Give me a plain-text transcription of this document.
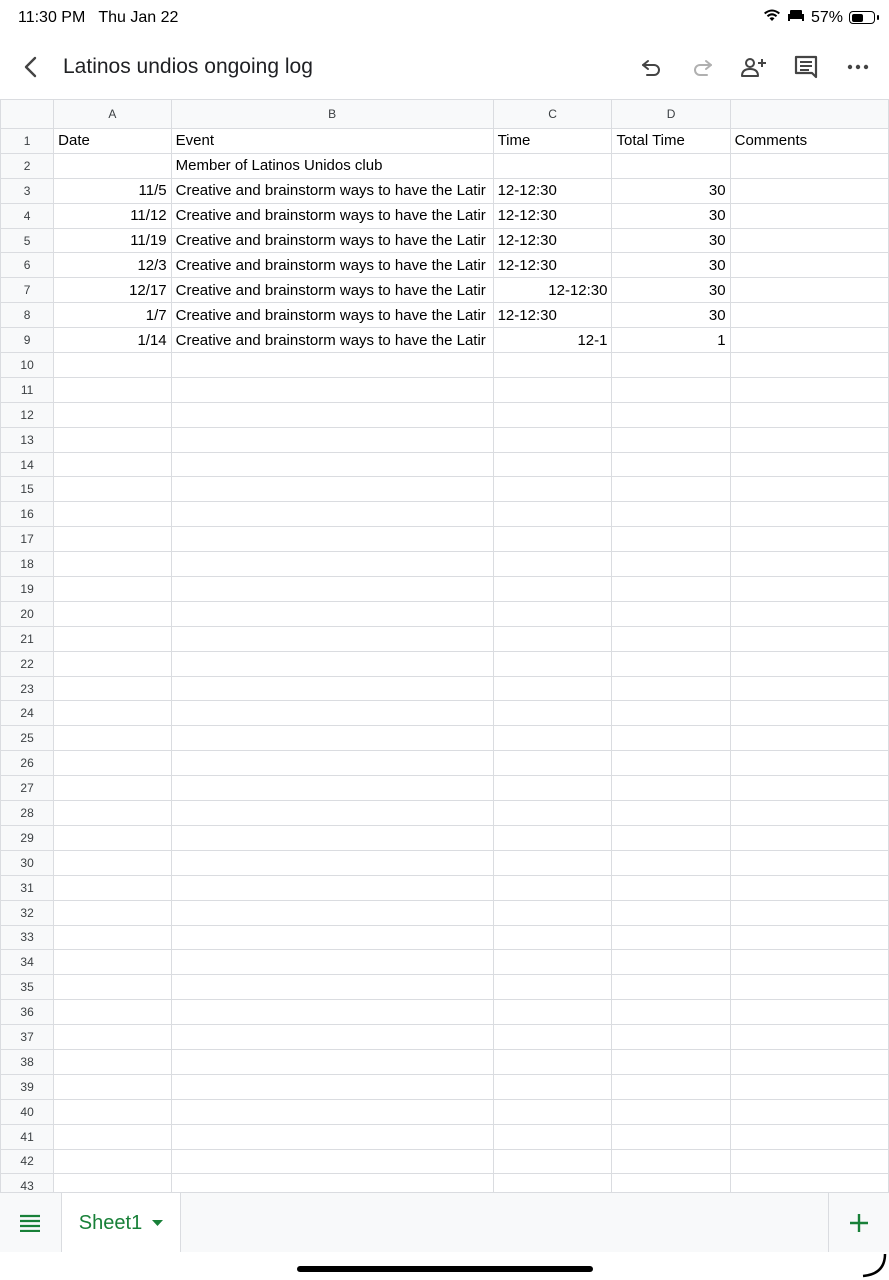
11:30 PM Thu Jan 22	57%
Latinos undios ongoing log
	A	B	C	D	
1	Date	Event	Time	Total Time	Comments
2		Member of Latinos Unidos club			
3	11/5	Creative and brainstorm ways to have the Latir	12-12:30	30	
4	11/12	Creative and brainstorm ways to have the Latir	12-12:30	30	
5	11/19	Creative and brainstorm ways to have the Latir	12-12:30	30	
6	12/3	Creative and brainstorm ways to have the Latir	12-12:30	30	
7	12/17	Creative and brainstorm ways to have the Latir	12-12:30	30	
8	1/7	Creative and brainstorm ways to have the Latir	12-12:30	30	
9	1/14	Creative and brainstorm ways to have the Latir	12-1	1	
10					
11					
12					
13					
14					
15					
16					
17					
18					
19					
20					
21					
22					
23					
24					
25					
26					
27					
28					
29					
30					
31					
32					
33					
34					
35					
36					
37					
38					
39					
40					
41					
42					
43					
Sheet1
